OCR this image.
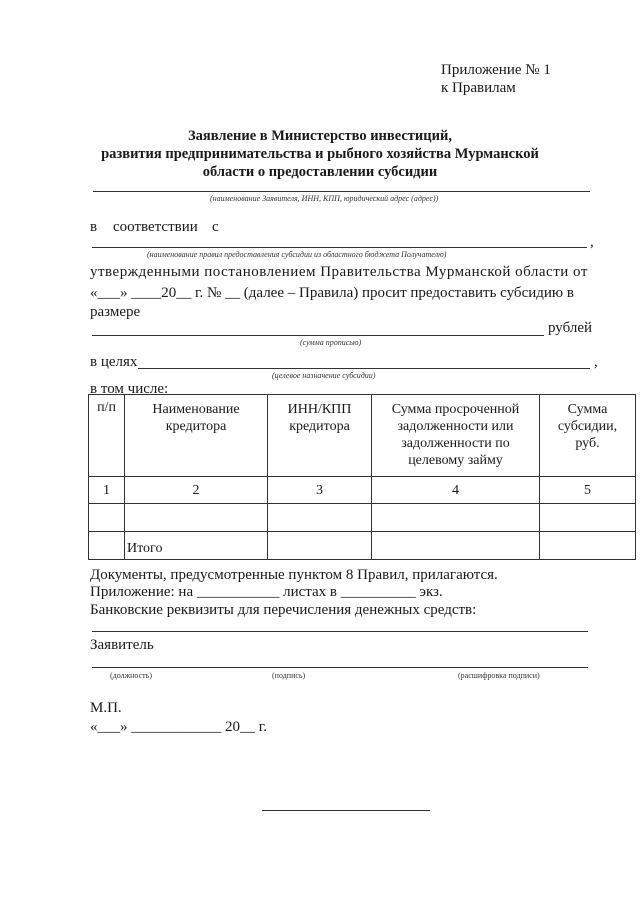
Приложение № 1
к Правилам
Заявление в Министерство инвестиций,
развития предпринимательства и рыбного хозяйства Мурманской
области о предоставлении субсидии
(наименование Заявителя, ИНН, КПП, юридический адрес (адрес))
в соответствии с
,
(наименование правил предоставления субсидии из областного бюджета Получателю)
утвержденными постановлением Правительства Мурманской области от
«___» ____20__ г. № __ (далее – Правила) просит предоставить субсидию в
размере
рублей
(сумма прописью)
в целях	,
(целевое назначение субсидии)
в том числе:
п/п	Наименование кредитора	ИНН/КПП кредитора	Сумма просроченной задолженности или задолженности по целевому займу	Сумма субсидии, руб.
1	2	3	4	5

	Итого			
Документы, предусмотренные пунктом 8 Правил, прилагаются.
Приложение: на ___________ листах в __________ экз.
Банковские реквизиты для перечисления денежных средств:
Заявитель
(должность)	(подпись)	(расшифровка подписи)
М.П.
«___» ____________ 20__ г.
